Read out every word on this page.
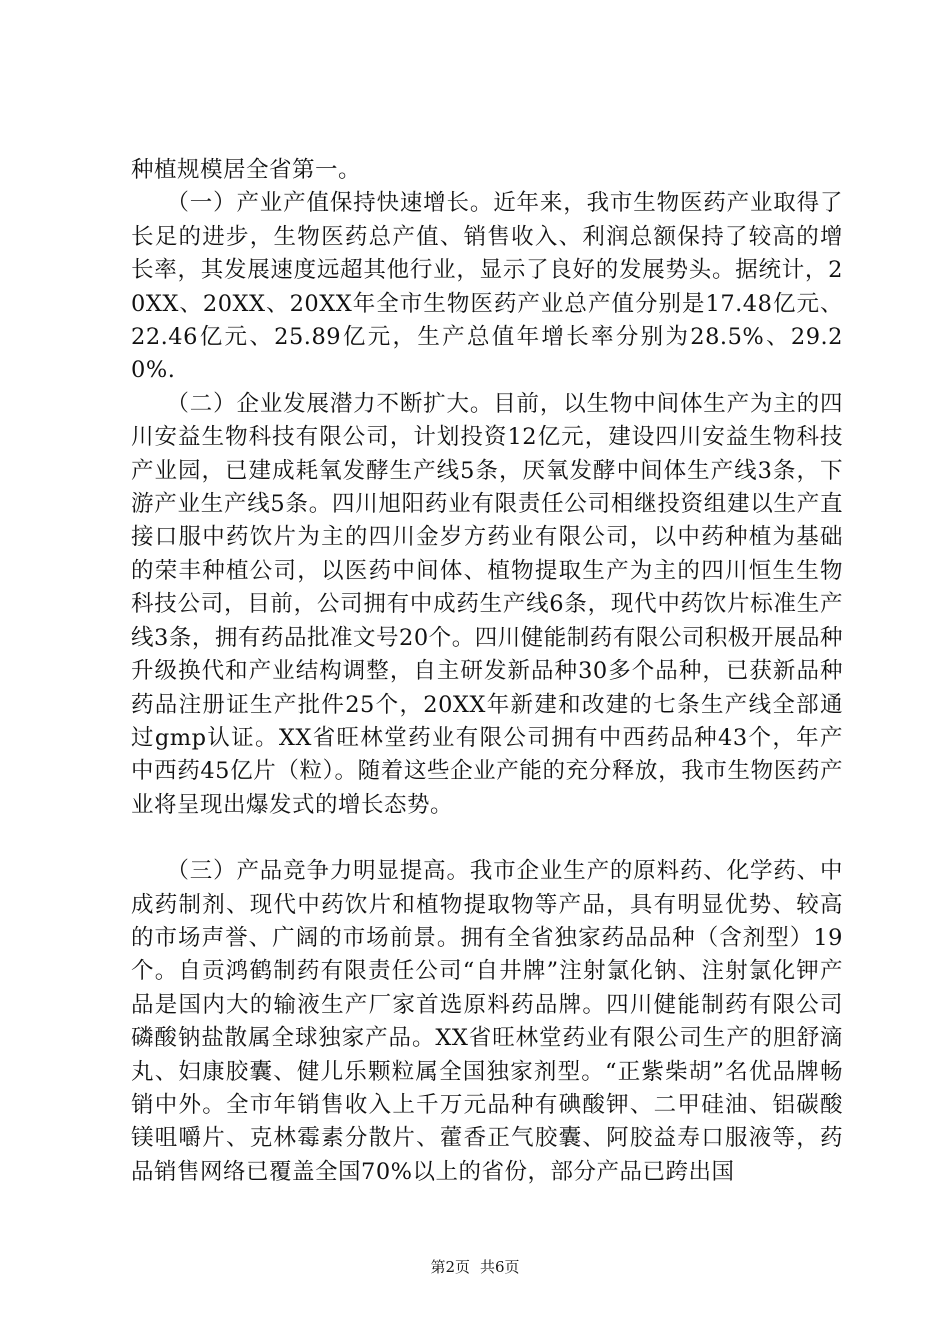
种植规模居全省第一。

　　（一）产业产值保持快速增长。近年来，我市生物医药产业取得了长足的进步，生物医药总产值、销售收入、利润总额保持了较高的增长率，其发展速度远超其他行业，显示了良好的发展势头。据统计，20XX、20XX、20XX年全市生物医药产业总产值分别是17.48亿元、22.46亿元、25.89亿元，生产总值年增长率分别为28.5%、29.20%.

　　（二）企业发展潜力不断扩大。目前，以生物中间体生产为主的四川安益生物科技有限公司，计划投资12亿元，建设四川安益生物科技产业园，已建成耗氧发酵生产线5条，厌氧发酵中间体生产线3条，下游产业生产线5条。四川旭阳药业有限责任公司相继投资组建以生产直接口服中药饮片为主的四川金岁方药业有限公司，以中药种植为基础的荣丰种植公司，以医药中间体、植物提取生产为主的四川恒生生物科技公司，目前，公司拥有中成药生产线6条，现代中药饮片标准生产线3条，拥有药品批准文号20个。四川健能制药有限公司积极开展品种升级换代和产业结构调整，自主研发新品种30多个品种，已获新品种药品注册证生产批件25个，20XX年新建和改建的七条生产线全部通过gmp认证。XX省旺林堂药业有限公司拥有中西药品种43个，年产中西药45亿片（粒）。随着这些企业产能的充分释放，我市生物医药产业将呈现出爆发式的增长态势。

　　（三）产品竞争力明显提高。我市企业生产的原料药、化学药、中成药制剂、现代中药饮片和植物提取物等产品，具有明显优势、较高的市场声誉、广阔的市场前景。拥有全省独家药品品种（含剂型）19个。自贡鸿鹤制药有限责任公司“自井牌”注射氯化钠、注射氯化钾产品是国内大的输液生产厂家首选原料药品牌。四川健能制药有限公司磷酸钠盐散属全球独家产品。XX省旺林堂药业有限公司生产的胆舒滴丸、妇康胶囊、健儿乐颗粒属全国独家剂型。“正紫柴胡”名优品牌畅销中外。全市年销售收入上千万元品种有碘酸钾、二甲硅油、铝碳酸镁咀嚼片、克林霉素分散片、藿香正气胶囊、阿胶益寿口服液等，药品销售网络已覆盖全国70%以上的省份，部分产品已跨出国

第2页 共6页
